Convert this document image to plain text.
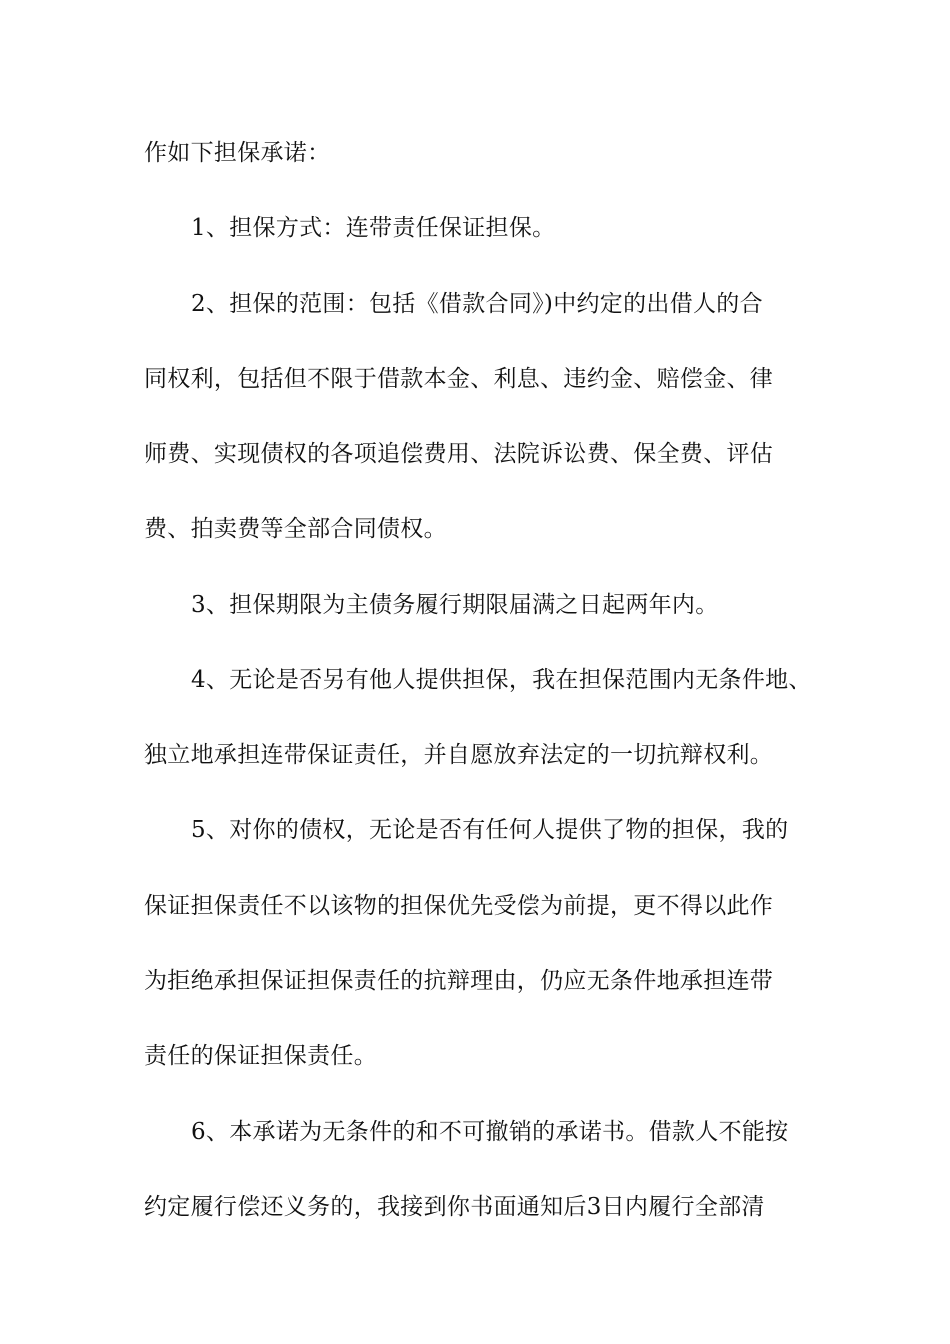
作如下担保承诺：
1、担保方式：连带责任保证担保。
2、担保的范围：包括《借款合同》)中约定的出借人的合
同权利，包括但不限于借款本金、利息、违约金、赔偿金、律
师费、实现债权的各项追偿费用、法院诉讼费、保全费、评估
费、拍卖费等全部合同债权。
3、担保期限为主债务履行期限届满之日起两年内。
4、无论是否另有他人提供担保，我在担保范围内无条件地、
独立地承担连带保证责任，并自愿放弃法定的一切抗辩权利。
5、对你的债权，无论是否有任何人提供了物的担保，我的
保证担保责任不以该物的担保优先受偿为前提，更不得以此作
为拒绝承担保证担保责任的抗辩理由，仍应无条件地承担连带
责任的保证担保责任。
6、本承诺为无条件的和不可撤销的承诺书。借款人不能按
约定履行偿还义务的，我接到你书面通知后3日内履行全部清
